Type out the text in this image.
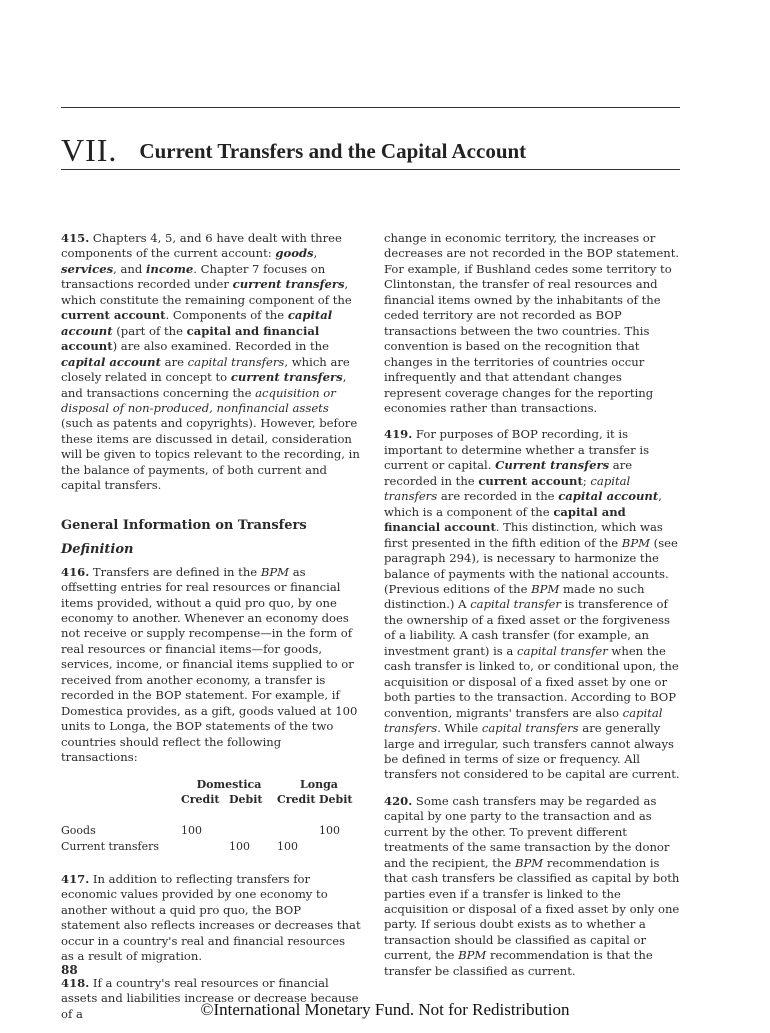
VII. Current Transfers and the Capital Account

415. Chapters 4, 5, and 6 have dealt with three components of the current account: goods, services, and income. Chapter 7 focuses on transactions recorded under current transfers, which constitute the remaining component of the current account. Components of the capital account (part of the capital and financial account) are also examined. Recorded in the capital account are capital transfers, which are closely related in concept to current transfers, and transactions concerning the acquisition or disposal of non-produced, nonfinancial assets (such as patents and copyrights). However, before these items are discussed in detail, consideration will be given to topics relevant to the recording, in the balance of payments, of both current and capital transfers.

General Information on Transfers
Definition

416. Transfers are defined in the BPM as offsetting entries for real resources or financial items provided, without a quid pro quo, by one economy to another. Whenever an economy does not receive or supply recompense—in the form of real resources or financial items—for goods, services, income, or financial items supplied to or received from another economy, a transfer is recorded in the BOP statement. For example, if Domestica provides, as a gift, goods valued at 100 units to Longa, the BOP statements of the two countries should reflect the following transactions:

	Domestica		Longa	
	Credit	Debit	Credit	Debit

Goods	100			100
Current transfers		100	100	

417. In addition to reflecting transfers for economic values provided by one economy to another without a quid pro quo, the BOP statement also reflects increases or decreases that occur in a country's real and financial resources as a result of migration.

418. If a country's real resources or financial assets and liabilities increase or decrease because of a

change in economic territory, the increases or decreases are not recorded in the BOP statement. For example, if Bushland cedes some territory to Clintonstan, the transfer of real resources and financial items owned by the inhabitants of the ceded territory are not recorded as BOP transactions between the two countries. This convention is based on the recognition that changes in the territories of countries occur infrequently and that attendant changes represent coverage changes for the reporting economies rather than transactions.

419. For purposes of BOP recording, it is important to determine whether a transfer is current or capital. Current transfers are recorded in the current account; capital transfers are recorded in the capital account, which is a component of the capital and financial account. This distinction, which was first presented in the fifth edition of the BPM (see paragraph 294), is necessary to harmonize the balance of payments with the national accounts. (Previous editions of the BPM made no such distinction.) A capital transfer is transference of the ownership of a fixed asset or the forgiveness of a liability. A cash transfer (for example, an investment grant) is a capital transfer when the cash transfer is linked to, or conditional upon, the acquisition or disposal of a fixed asset by one or both parties to the transaction. According to BOP convention, migrants' transfers are also capital transfers. While capital transfers are generally large and irregular, such transfers cannot always be defined in terms of size or frequency. All transfers not considered to be capital are current.

420. Some cash transfers may be regarded as capital by one party to the transaction and as current by the other. To prevent different treatments of the same transaction by the donor and the recipient, the BPM recommendation is that cash transfers be classified as capital by both parties even if a transfer is linked to the acquisition or disposal of a fixed asset by only one party. If serious doubt exists as to whether a transaction should be classified as capital or current, the BPM recommendation is that the transfer be classified as current.

88
©International Monetary Fund. Not for Redistribution
